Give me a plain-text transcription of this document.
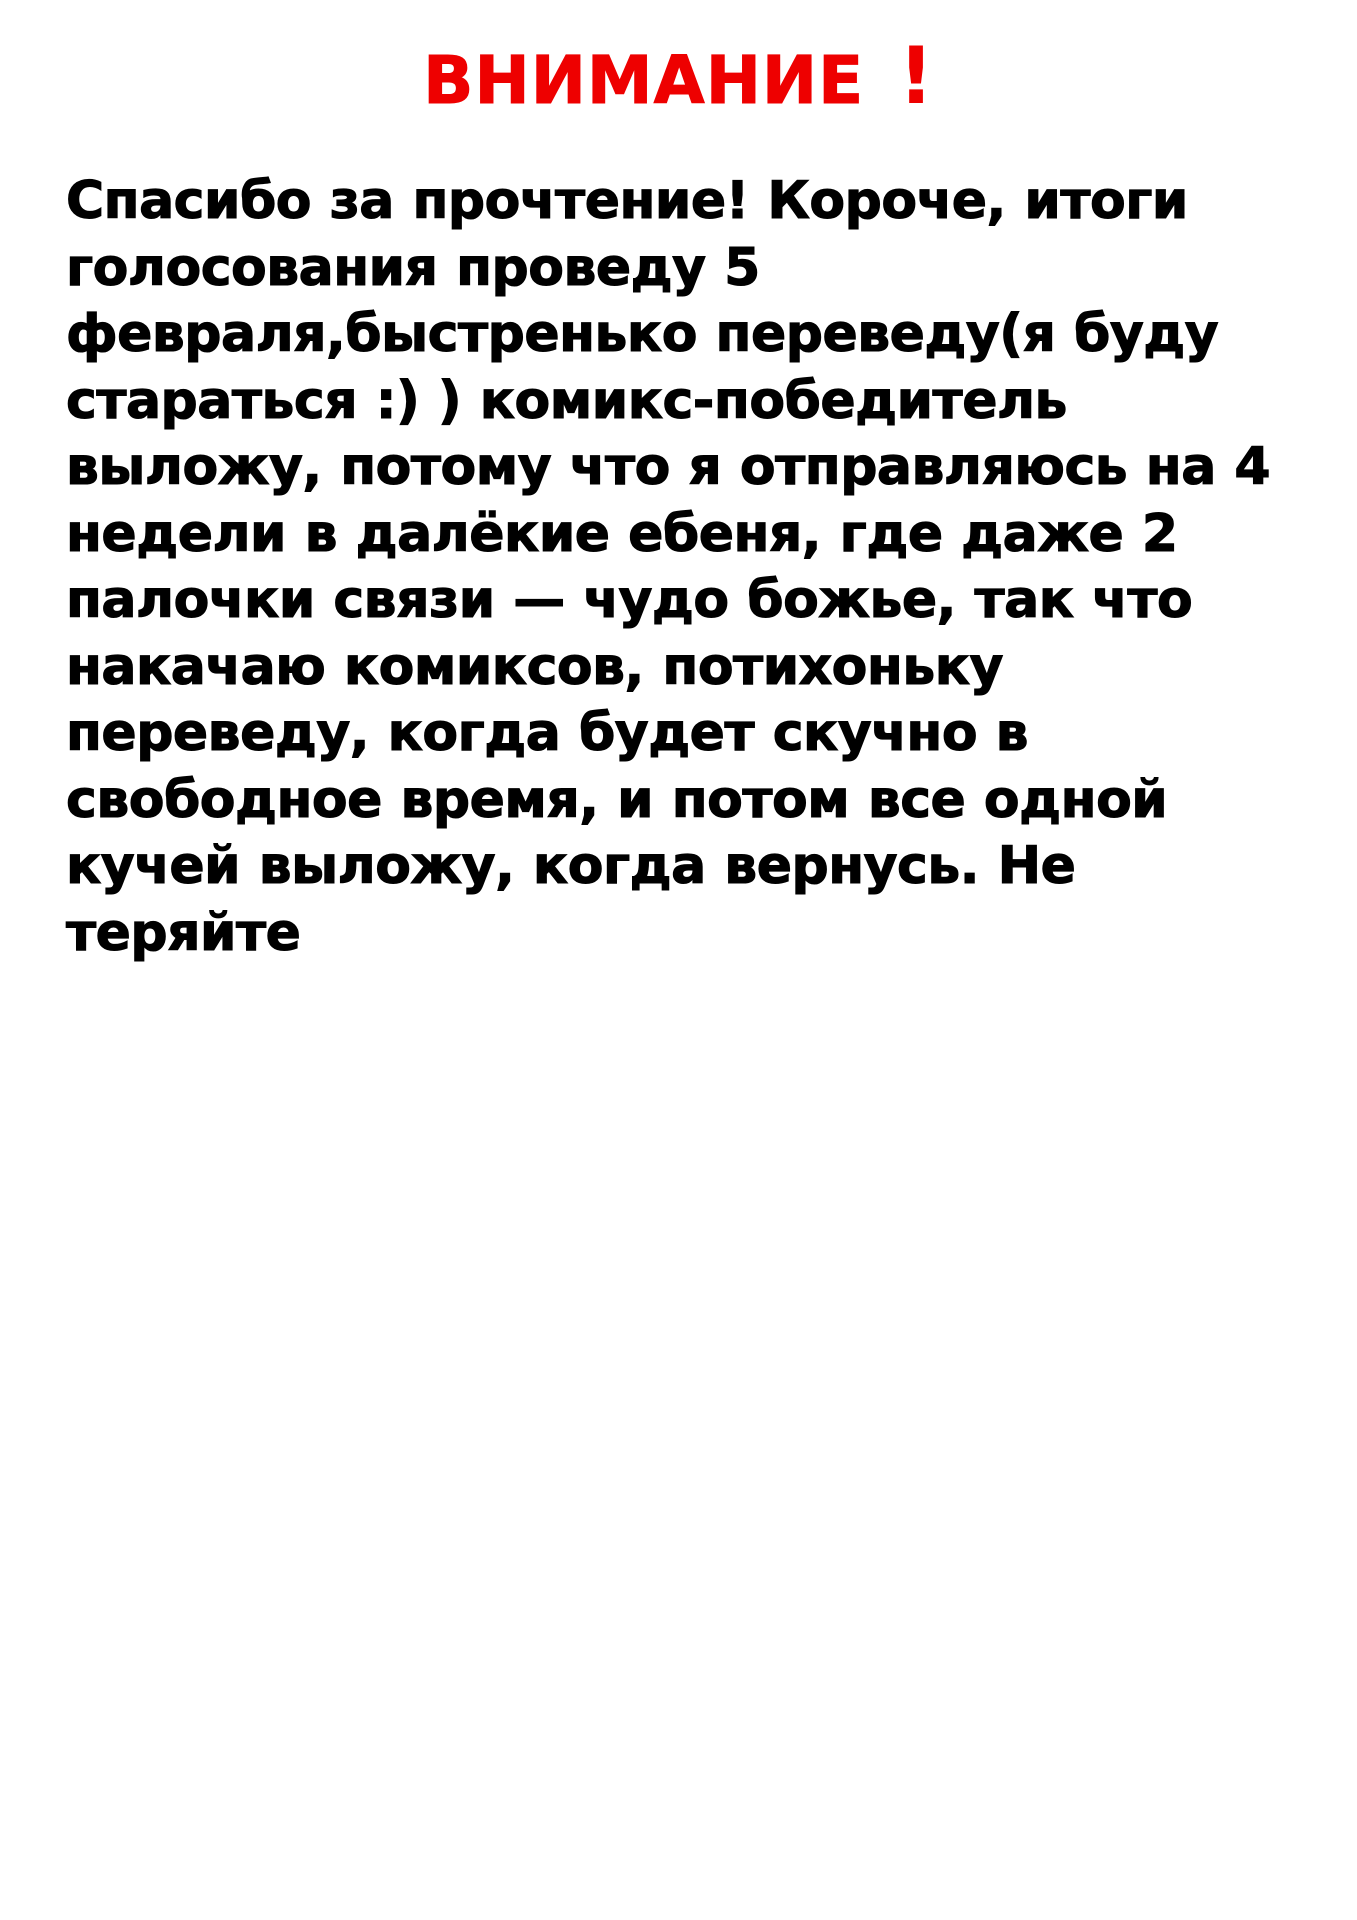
ВНИМАНИЕ !

Спасибо за прочтение! Короче, итоги голосования проведу 5 февраля,быстренько переведу(я буду стараться :) ) комикс-победитель выложу, потому что я отправляюсь на 4 недели в далёкие ебеня, где даже 2 палочки связи — чудо божье, так что накачаю комиксов, потихоньку переведу, когда будет скучно в свободное время, и потом все одной кучей выложу, когда вернусь. Не теряйте
